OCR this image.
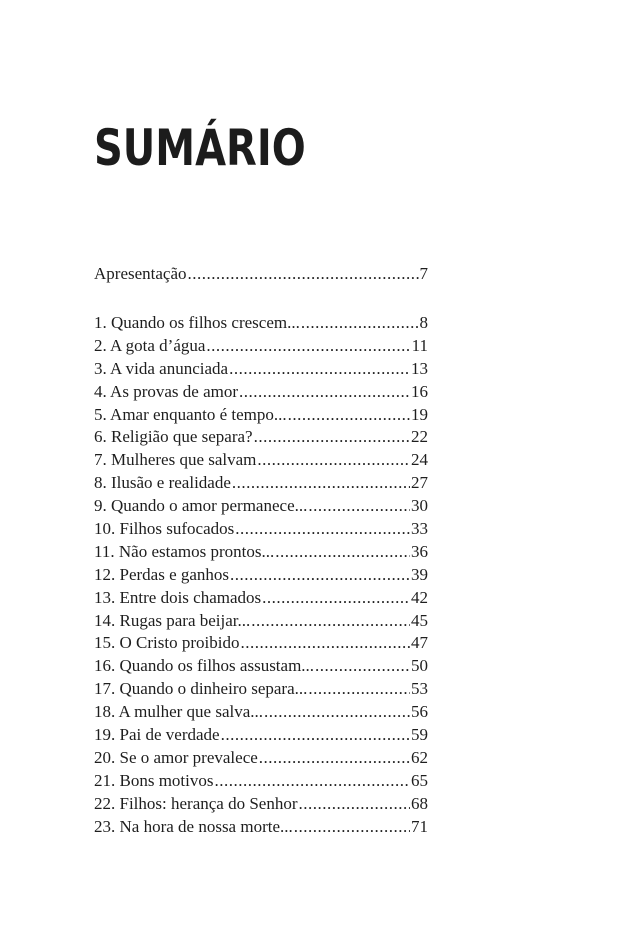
SUMÁRIO
Apresentação .....	7
1. Quando os filhos crescem... .....	8
2. A gota d’água .....	11
3. A vida anunciada .....	13
4. As provas de amor .....	16
5. Amar enquanto é tempo... .....	19
6. Religião que separa? .....	22
7. Mulheres que salvam .....	24
8. Ilusão e realidade .....	27
9. Quando o amor permanece... .....	30
10. Filhos sufocados .....	33
11. Não estamos prontos... .....	36
12. Perdas e ganhos .....	39
13. Entre dois chamados .....	42
14. Rugas para beijar... .....	45
15. O Cristo proibido .....	47
16. Quando os filhos assustam... .....	50
17. Quando o dinheiro separa... .....	53
18. A mulher que salva... .....	56
19. Pai de verdade .....	59
20. Se o amor prevalece .....	62
21. Bons motivos .....	65
22. Filhos: herança do Senhor .....	68
23. Na hora de nossa morte... .....	71
